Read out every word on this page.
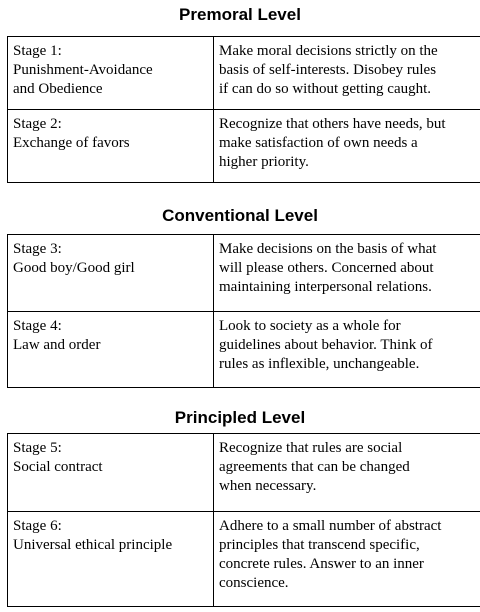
Premoral Level
Stage 1:
Punishment-Avoidance
and Obedience	Make moral decisions strictly on the
basis of self-interests. Disobey rules
if can do so without getting caught.

Stage 2:
Exchange of favors	Recognize that others have needs, but
make satisfaction of own needs a
higher priority.
Conventional Level
Stage 3:
Good boy/Good girl	Make decisions on the basis of what
will please others. Concerned about
maintaining interpersonal relations.

Stage 4:
Law and order	Look to society as a whole for
guidelines about behavior. Think of
rules as inflexible, unchangeable.
Principled Level
Stage 5:
Social contract	Recognize that rules are social
agreements that can be changed
when necessary.

Stage 6:
Universal ethical principle	Adhere to a small number of abstract
principles that transcend specific,
concrete rules. Answer to an inner
conscience.
